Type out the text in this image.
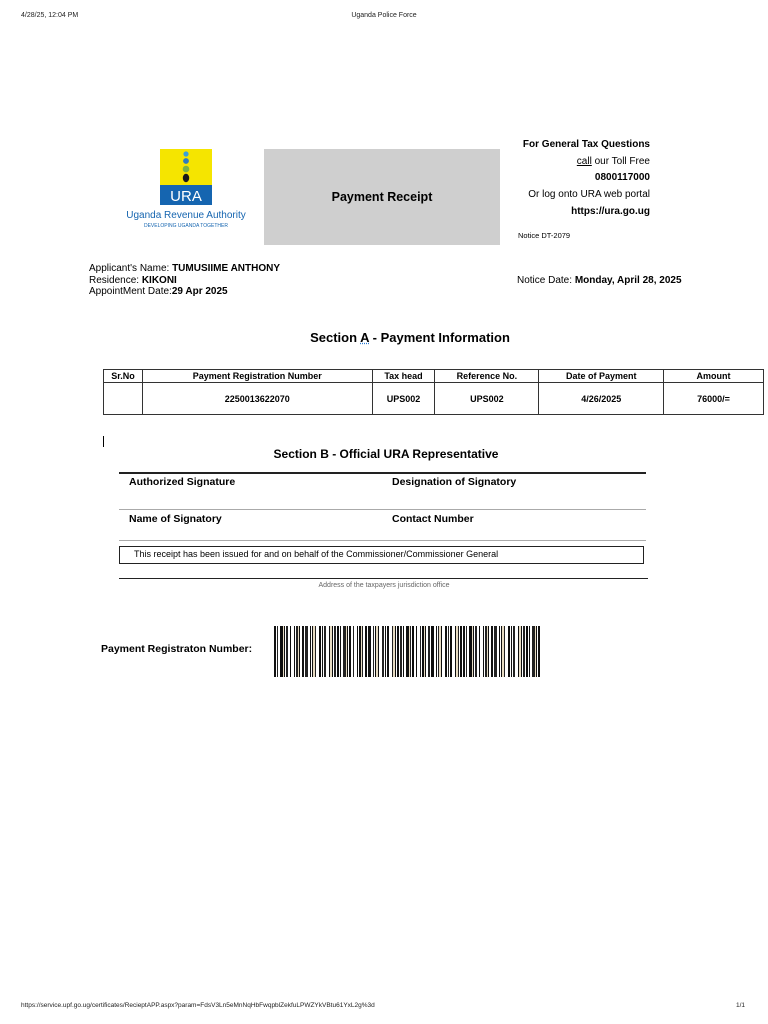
4/28/25, 12:04 PM	Uganda Police Force
URA
Uganda Revenue Authority
DEVELOPING UGANDA TOGETHER
Payment Receipt
For General Tax Questions
call our Toll Free
0800117000
Or log onto URA web portal
https://ura.go.ug
Notice DT-2079
Applicant's Name: TUMUSIIME ANTHONY
Residence: KIKONI
AppointMent Date:29 Apr 2025
Notice Date: Monday, April 28, 2025
Section A - Payment Information
Sr.No	Payment Registration Number	Tax head	Reference No.	Date of Payment	Amount
	2250013622070	UPS002	UPS002	4/26/2025	76000/=
Section B - Official URA Representative
Authorized Signature	Designation of Signatory
Name of Signatory	Contact Number
This receipt has been issued for and on behalf of the Commissioner/Commissioner General
Address of the taxpayers jurisdiction office
Payment Registraton Number:
https://service.upf.go.ug/certificates/RecieptAPP.aspx?param=FdsV3Ln5eMnNqHbFwqpblZekfuLPWZYkVBtu61YxL2g%3d	1/1
